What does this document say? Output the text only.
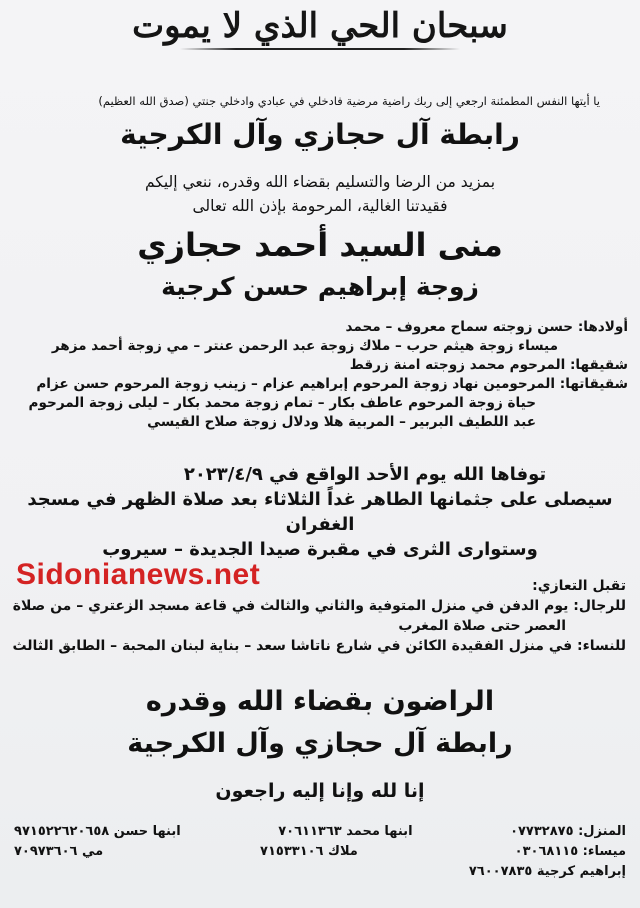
سبحان الحي الذي لا يموت
يا أيتها النفس المطمئنة ارجعي إلى ربك راضية مرضية فادخلي في عبادي وادخلي جنتي (صدق الله العظيم)
رابطة آل حجازي وآل الكرجية
بمزيد من الرضا والتسليم بقضاء الله وقدره، ننعي إليكم
فقيدتنا الغالية، المرحومة بإذن الله تعالى
منى السيد أحمد حجازي
زوجة إبراهيم حسن كرجية
أولادها: حسن زوجته سماح معروف – محمد
ميساء زوجة هيثم حرب – ملاك زوجة عبد الرحمن عنتر – مي زوجة أحمد مزهر
شقيقها: المرحوم محمد زوجته امنة زرقط
شقيقاتها: المرحومين نهاد زوجة المرحوم إبراهيم عزام – زينب زوجة المرحوم حسن عزام
حياة زوجة المرحوم عاطف بكار – تمام زوجة محمد بكار – ليلى زوجة المرحوم
عبد اللطيف البربير – المربية هلا ودلال زوجة صلاح القيسي
توفاها الله يوم الأحد الواقع في ٢٠٢٣/٤/٩
سيصلى على جثمانها الطاهر غداً الثلاثاء بعد صلاة الظهر في مسجد الغفران
وستوارى الثرى في مقبرة صيدا الجديدة – سيروب
Sidonianews.net	تقبل التعازي:
للرجال: يوم الدفن في منزل المتوفية والثاني والثالث في قاعة مسجد الزعتري – من صلاة
العصر حتى صلاة المغرب
للنساء: في منزل الفقيدة الكائن في شارع ناتاشا سعد – بناية لبنان المحبة – الطابق الثالث
الراضون بقضاء الله وقدره
رابطة آل حجازي وآل الكرجية
إنا لله وإنا إليه راجعون
المنزل: ٠٧٧٣٢٨٧٥
ابنها محمد ٧٠٦١١٣٦٣
ابنها حسن ٩٧١٥٢٢٦٢٠٦٥٨
ميساء: ٠٣٠٦٨١١٥
ملاك ٧١٥٣٣١٠٦
مي ٧٠٩٧٣٦٠٦
إبراهيم كرجية ٧٦٠٠٧٨٣٥
